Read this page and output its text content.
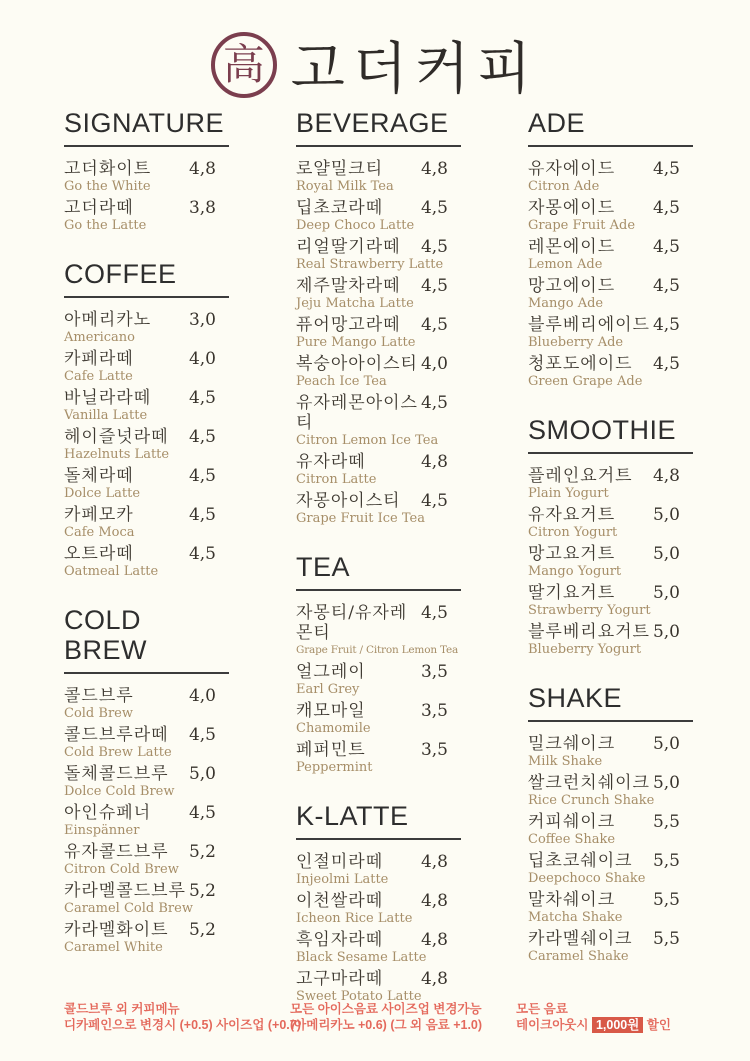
高 고더커피
SIGNATURE
고더화이트 4,8
Go the White
고더라떼	3,8
Go the Latte
COFFEE
아메리카노 3,0
Americano
카페라떼	4,0
Cafe Latte
바닐라라떼 4,5
Vanilla Latte
헤이즐넛라떼 4,5
Hazelnuts Latte
돌체라떼	4,5
Dolce Latte
카페모카	4,5
Cafe Moca
오트라떼	4,5
Oatmeal Latte
COLD BREW
콜드브루	4,0
Cold Brew
콜드브루라떼 4,5
Cold Brew Latte
돌체콜드브루 5,0
Dolce Cold Brew
아인슈페너 4,5
Einspänner
유자콜드브루 5,2
Citron Cold Brew
카라멜콜드브루 5,2
Caramel Cold Brew
카라멜화이트 5,2
Caramel White
BEVERAGE
로얄밀크티 4,8
Royal Milk Tea
딥초코라떼 4,5
Deep Choco Latte
리얼딸기라떼 4,5
Real Strawberry Latte
제주말차라떼 4,5
Jeju Matcha Latte
퓨어망고라떼 4,5
Pure Mango Latte
복숭아아이스티 4,0
Peach Ice Tea
유자레몬아이스티
4,5
Citron Lemon Ice Tea
유자라떼	4,8
Citron Latte
자몽아이스티 4,5
Grape Fruit Ice Tea
TEA
자몽티/유자레몬티
4,5
Grape Fruit / Citron Lemon Tea
얼그레이	3,5
Earl Grey
캐모마일	3,5
Chamomile
페퍼민트	3,5
Peppermint
K-LATTE
인절미라떼 4,8
Injeolmi Latte
이천쌀라떼 4,8
Icheon Rice Latte
흑임자라떼 4,8
Black Sesame Latte
고구마라떼 4,8
Sweet Potato Latte
ADE
유자에이드 4,5
Citron Ade
자몽에이드 4,5
Grape Fruit Ade
레몬에이드 4,5
Lemon Ade
망고에이드 4,5
Mango Ade
블루베리에이드 4,5
Blueberry Ade
청포도에이드 4,5
Green Grape Ade
SMOOTHIE
플레인요거트 4,8
Plain Yogurt
유자요거트 5,0
Citron Yogurt
망고요거트 5,0
Mango Yogurt
딸기요거트 5,0
Strawberry Yogurt
블루베리요거트 5,0
Blueberry Yogurt
SHAKE
밀크쉐이크 5,0
Milk Shake
쌀크런치쉐이크 5,0
Rice Crunch Shake
커피쉐이크 5,5
Coffee Shake
딥초코쉐이크 5,5
Deepchoco Shake
말차쉐이크 5,5
Matcha Shake
카라멜쉐이크 5,5
Caramel Shake
콜드브루 외 커피메뉴
디카페인으로 변경시 (+0.5) 사이즈업 (+0.7)
모든 아이스음료 사이즈업 변경가능
(아메리카노 +0.6) (그 외 음료 +1.0)
모든 음료
테이크아웃시 1,000원 할인
